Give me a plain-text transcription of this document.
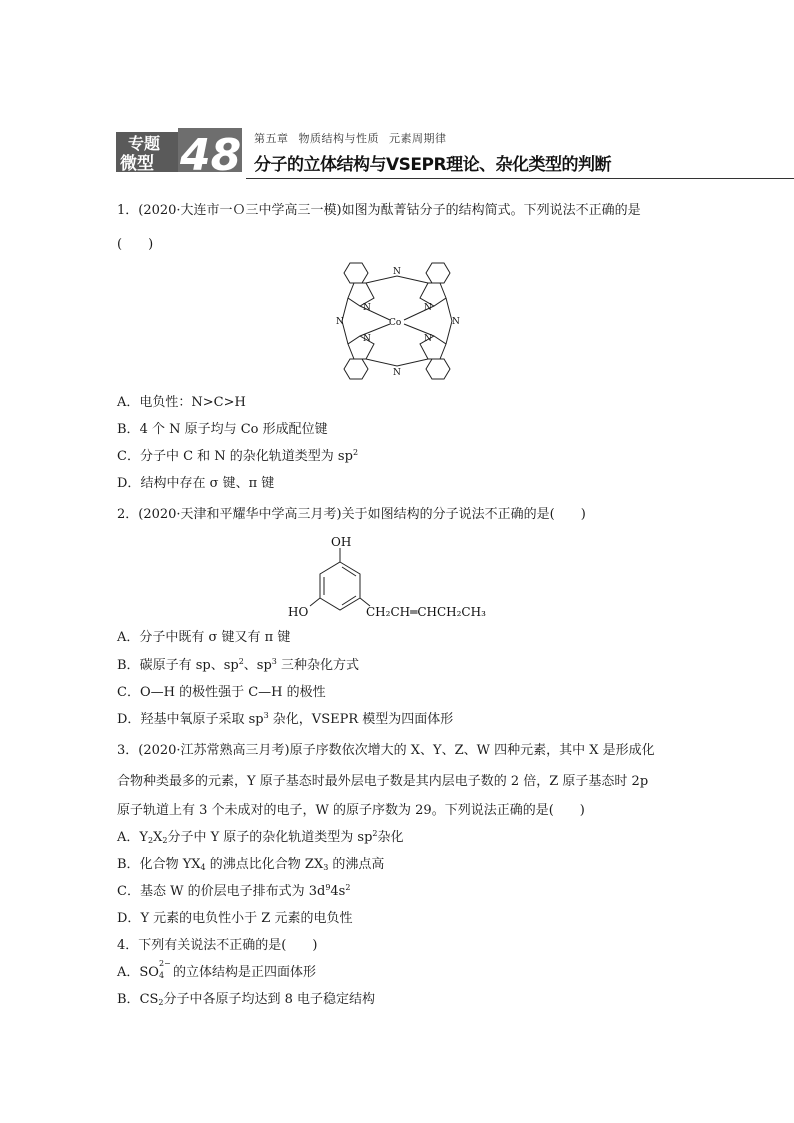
专题
微型 48 第五章 物质结构与性质 元素周期律
分子的立体结构与VSEPR理论、杂化类型的判断
1．(2020·大连市一Ｏ三中学高三一模)如图为酞菁钴分子的结构简式。下列说法不正确的是
(　　)
Co
N
N
N	N
N	N
N	N
A．电负性：N>C>H
B．4 个 N 原子均与 Co 形成配位键
C．分子中 C 和 N 的杂化轨道类型为 $sp^2$
D．结构中存在 σ 键、π 键
2．(2020·天津和平耀华中学高三月考)关于如图结构的分子说法不正确的是(　　)
OH
HO	CH₂CH═CHCH₂CH₃
A．分子中既有 σ 键又有 π 键
B．碳原子有 sp、$sp^2$、$sp^3$ 三种杂化方式
C．O—H 的极性强于 C—H 的极性
D．羟基中氧原子采取 $sp^3$ 杂化，VSEPR 模型为四面体形
3．(2020·江苏常熟高三月考)原子序数依次增大的 X、Y、Z、W 四种元素，其中 X 是形成化
合物种类最多的元素，Y 原子基态时最外层电子数是其内层电子数的 2 倍，Z 原子基态时 2p
原子轨道上有 3 个未成对的电子，W 的原子序数为 29。下列说法正确的是(　　)
A．$Y_2X_2$分子中 Y 原子的杂化轨道类型为 $sp^2$杂化
B．化合物 $YX_4$ 的沸点比化合物 $ZX_3$ 的沸点高
C．基态 W 的价层电子排布式为 $3d^94s^2$
D．Y 元素的电负性小于 Z 元素的电负性
4．下列有关说法不正确的是(　　)
A．SO
2−
4 的立体结构是正四面体形
B．$CS_2$分子中各原子均达到 8 电子稳定结构
